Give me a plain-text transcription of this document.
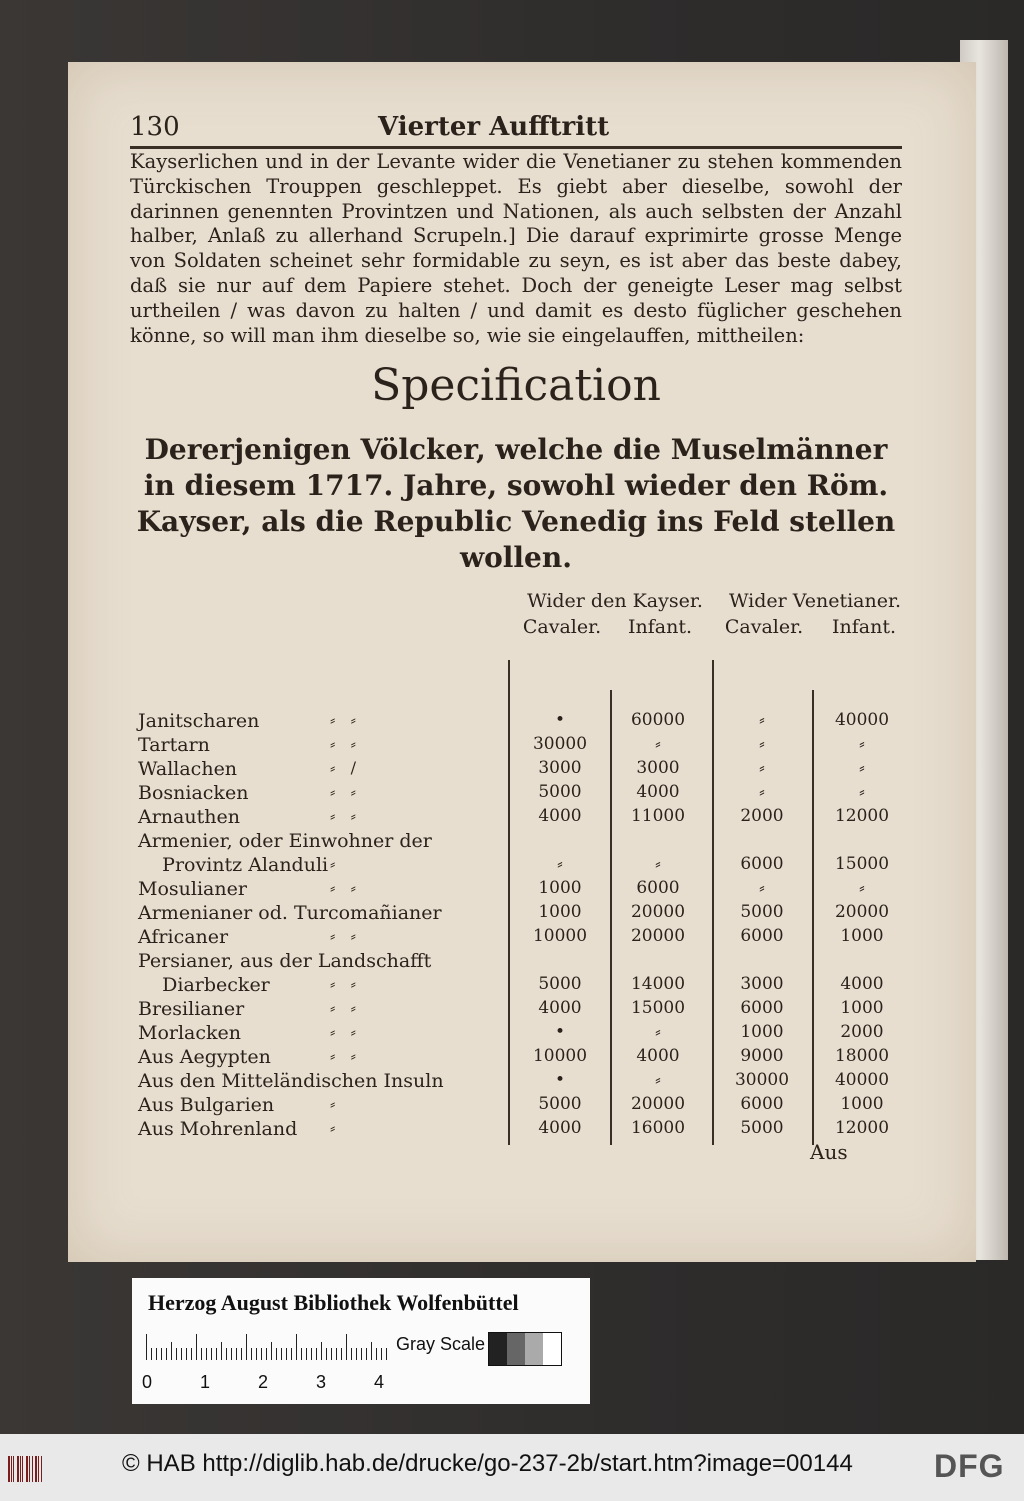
130	Vierter Aufftritt

Kayserlichen und in der Levante wider die Venetianer zu stehen kommenden Türckischen Trouppen geschleppet. Es giebt aber dieselbe, sowohl der darinnen genennten Provintzen und Nationen, als auch selbsten der Anzahl halber, Anlaß zu allerhand Scrupeln.] Die darauf exprimirte grosse Menge von Soldaten scheinet sehr formidable zu seyn, es ist aber das beste dabey, daß sie nur auf dem Papiere stehet. Doch der geneigte Leser mag selbst urtheilen / was davon zu halten / und damit es desto füglicher geschehen könne, so will man ihm dieselbe so, wie sie eingelauffen, mittheilen:

Specification
Dererjenigen Völcker, welche die Muselmänner in diesem 1717. Jahre, sowohl wieder den Röm. Kayser, als die Republic Venedig ins Feld stellen wollen.
Wider den Kayser.	Wider Venetianer.
Cavaler.	Infant.	Cavaler.	Infant.
Janitscharen	⸗   ⸗	•	60000	⸗	40000
Tartarn	⸗   ⸗	30000	⸗	⸗	⸗
Wallachen	⸗   /	3000	3000	⸗	⸗
Bosniacken	⸗   ⸗	5000	4000	⸗	⸗
Arnauthen	⸗   ⸗	4000	11000	2000	12000
Armenier, oder Einwohner der
Provintz Alanduli ⸗	⸗	⸗	6000	15000
Mosulianer	⸗   ⸗	1000	6000	⸗	⸗
Armenianer od. Turcomañianer	1000	20000	5000	20000
Africaner	⸗   ⸗	10000	20000	6000	1000
Persianer, aus der Landschafft
Diarbecker	⸗   ⸗	5000	14000	3000	4000
Bresilianer	⸗   ⸗	4000	15000	6000	1000
Morlacken	⸗   ⸗	•	⸗	1000	2000
Aus Aegypten	⸗   ⸗	10000	4000	9000	18000
Aus den Mitteländischen Insuln	•	⸗	30000	40000
Aus Bulgarien	⸗	5000	20000	6000	1000
Aus Mohrenland ⸗	4000	16000	5000	12000
Aus
Herzog August Bibliothek Wolfenbüttel
0	1	2	3	4
Gray Scale
© HAB http://diglib.hab.de/drucke/go-237-2b/start.htm?image=00144	DFG
